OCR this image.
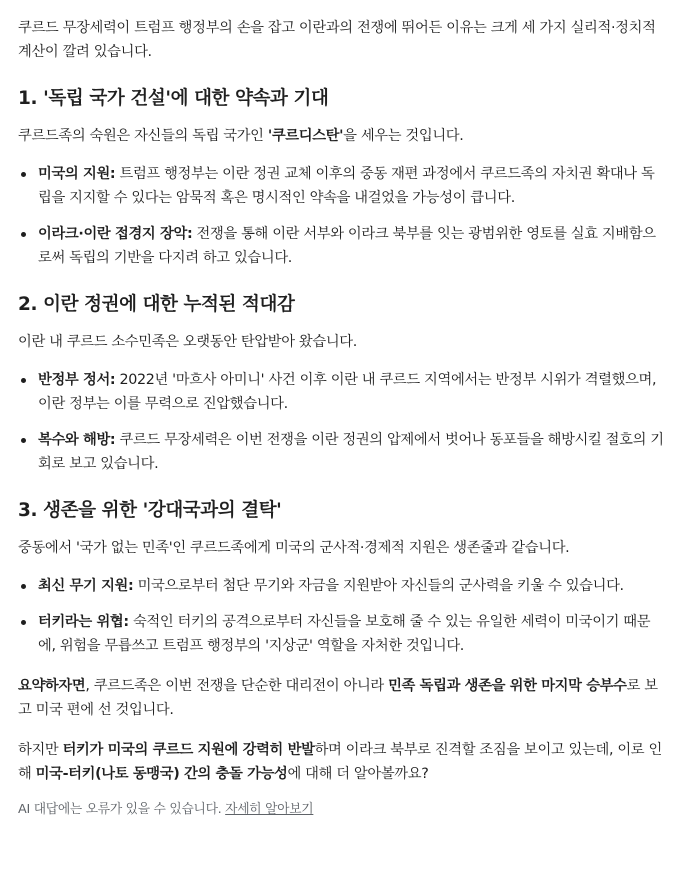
쿠르드 무장세력이 트럼프 행정부의 손을 잡고 이란과의 전쟁에 뛰어든 이유는 크게 세 가지 실리적·정치적 계산이 깔려 있습니다.

1. '독립 국가 건설'에 대한 약속과 기대

쿠르드족의 숙원은 자신들의 독립 국가인 '쿠르디스탄'을 세우는 것입니다.

미국의 지원: 트럼프 행정부는 이란 정권 교체 이후의 중동 재편 과정에서 쿠르드족의 자치권 확대나 독립을 지지할 수 있다는 암묵적 혹은 명시적인 약속을 내걸었을 가능성이 큽니다.
이라크·이란 접경지 장악: 전쟁을 통해 이란 서부와 이라크 북부를 잇는 광범위한 영토를 실효 지배함으로써 독립의 기반을 다지려 하고 있습니다.
2. 이란 정권에 대한 누적된 적대감

이란 내 쿠르드 소수민족은 오랫동안 탄압받아 왔습니다.

반정부 정서: 2022년 '마흐사 아미니' 사건 이후 이란 내 쿠르드 지역에서는 반정부 시위가 격렬했으며, 이란 정부는 이를 무력으로 진압했습니다.
복수와 해방: 쿠르드 무장세력은 이번 전쟁을 이란 정권의 압제에서 벗어나 동포들을 해방시킬 절호의 기회로 보고 있습니다.
3. 생존을 위한 '강대국과의 결탁'

중동에서 '국가 없는 민족'인 쿠르드족에게 미국의 군사적·경제적 지원은 생존줄과 같습니다.

최신 무기 지원: 미국으로부터 첨단 무기와 자금을 지원받아 자신들의 군사력을 키울 수 있습니다.
터키라는 위협: 숙적인 터키의 공격으로부터 자신들을 보호해 줄 수 있는 유일한 세력이 미국이기 때문에, 위험을 무릅쓰고 트럼프 행정부의 '지상군' 역할을 자처한 것입니다.

요약하자면, 쿠르드족은 이번 전쟁을 단순한 대리전이 아니라 민족 독립과 생존을 위한 마지막 승부수로 보고 미국 편에 선 것입니다.

하지만 터키가 미국의 쿠르드 지원에 강력히 반발하며 이라크 북부로 진격할 조짐을 보이고 있는데, 이로 인해 미국-터키(나토 동맹국) 간의 충돌 가능성에 대해 더 알아볼까요?

AI 대답에는 오류가 있을 수 있습니다. 자세히 알아보기
